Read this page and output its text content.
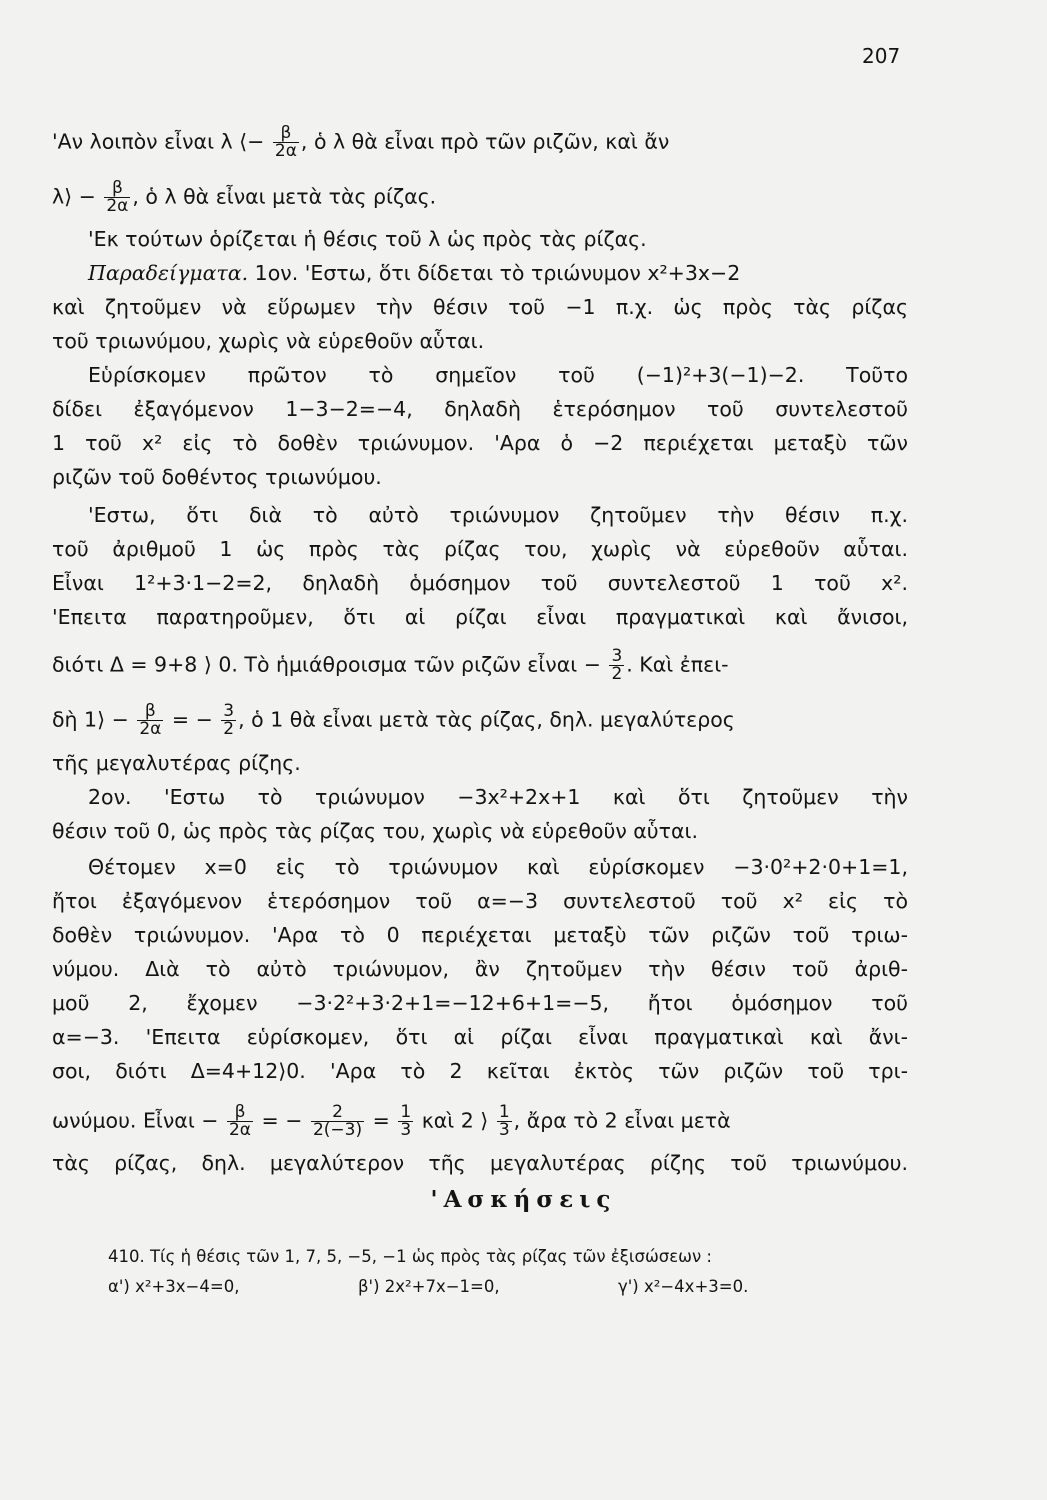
207
'Αν λοιπὸν εἶναι λ ⟨− $\frac{\beta}{2\alpha}$ , ὁ λ θὰ εἶναι πρὸ τῶν ριζῶν, καὶ ἄν
λ⟩ − $\frac{\beta}{2\alpha}$ , ὁ λ θὰ εἶναι μετὰ τὰς ρίζας.
'Εκ τούτων ὁρίζεται ἡ θέσις τοῦ λ ὡς πρὸς τὰς ρίζας.
Παραδείγματα. 1ον. 'Εστω, ὅτι δίδεται τὸ τριώνυμον x²+3x−2
καὶ ζητοῦμεν νὰ εὕρωμεν τὴν θέσιν τοῦ −1 π.χ. ὡς πρὸς τὰς ρίζας
τοῦ τριωνύμου, χωρὶς νὰ εὑρεθοῦν αὗται.
Εὑρίσκομεν πρῶτον τὸ σημεῖον τοῦ (−1)²+3(−1)−2. Τοῦτο
δίδει ἐξαγόμενον 1−3−2=−4, δηλαδὴ ἑτερόσημον τοῦ συντελεστοῦ
1 τοῦ x² εἰς τὸ δοθὲν τριώνυμον. 'Αρα ὁ −2 περιέχεται μεταξὺ τῶν
ριζῶν τοῦ δοθέντος τριωνύμου.
'Εστω, ὅτι διὰ τὸ αὐτὸ τριώνυμον ζητοῦμεν τὴν θέσιν π.χ.
τοῦ ἀριθμοῦ 1 ὡς πρὸς τὰς ρίζας του, χωρὶς νὰ εὑρεθοῦν αὗται.
Εἶναι 1²+3·1−2=2, δηλαδὴ ὁμόσημον τοῦ συντελεστοῦ 1 τοῦ x².
'Επειτα παρατηροῦμεν, ὅτι αἱ ρίζαι εἶναι πραγματικαὶ καὶ ἄνισοι,
διότι Δ = 9+8 ⟩ 0. Τὸ ἡμιάθροισμα τῶν ριζῶν εἶναι − $\frac{3}{2}$ . Καὶ ἐπει-
δὴ 1⟩ − $\frac{\beta}{2\alpha}$ = − $\frac{3}{2}$ , ὁ 1 θὰ εἶναι μετὰ τὰς ρίζας, δηλ. μεγαλύτερος
τῆς μεγαλυτέρας ρίζης.
2ον. 'Εστω τὸ τριώνυμον −3x²+2x+1 καὶ ὅτι ζητοῦμεν τὴν
θέσιν τοῦ 0, ὡς πρὸς τὰς ρίζας του, χωρὶς νὰ εὑρεθοῦν αὗται.
Θέτομεν x=0 εἰς τὸ τριώνυμον καὶ εὑρίσκομεν −3·0²+2·0+1=1,
ἤτοι ἐξαγόμενον ἑτερόσημον τοῦ α=−3 συντελεστοῦ τοῦ x² εἰς τὸ
δοθὲν τριώνυμον. 'Αρα τὸ 0 περιέχεται μεταξὺ τῶν ριζῶν τοῦ τριω-
νύμου. Διὰ τὸ αὐτὸ τριώνυμον, ἂν ζητοῦμεν τὴν θέσιν τοῦ ἀριθ-
μοῦ 2, ἔχομεν −3·2²+3·2+1=−12+6+1=−5, ἤτοι ὁμόσημον τοῦ
α=−3. 'Επειτα εὑρίσκομεν, ὅτι αἱ ρίζαι εἶναι πραγματικαὶ καὶ ἄνι-
σοι, διότι Δ=4+12⟩0. 'Αρα τὸ 2 κεῖται ἐκτὸς τῶν ριζῶν τοῦ τρι-
ωνύμου. Εἶναι − $\frac{\beta}{2\alpha}$ = − $\frac{2}{2(-3)} = \frac{1}{3}$ καὶ 2 ⟩ $\frac{1}{3}$ , ἄρα τὸ 2 εἶναι μετὰ
τὰς ρίζας, δηλ. μεγαλύτερον τῆς μεγαλυτέρας ρίζης τοῦ τριωνύμου.
'Ασκήσεις
410. Τίς ἡ θέσις τῶν 1, 7, 5, −5, −1 ὡς πρὸς τὰς ρίζας τῶν ἐξισώσεων :
α') x²+3x−4=0,	β') 2x²+7x−1=0,	γ') x²−4x+3=0.
